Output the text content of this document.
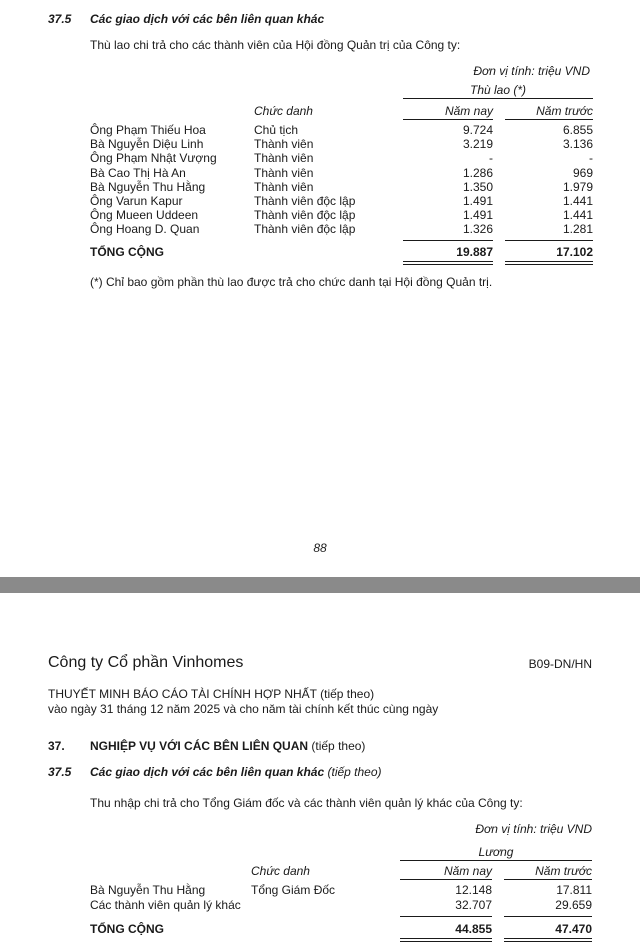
37.5 Các giao dịch với các bên liên quan khác
Thù lao chi trả cho các thành viên của Hội đồng Quản trị của Công ty:
Đơn vị tính: triệu VND
Thù lao (*)
Chức danh	Năm nay	Năm trước
Ông Phạm Thiếu Hoa	Chủ tịch	9.724	6.855
Bà Nguyễn Diệu Linh	Thành viên	3.219	3.136
Ông Phạm Nhật Vượng	Thành viên	-	-
Bà Cao Thị Hà An	Thành viên	1.286	969
Bà Nguyễn Thu Hằng	Thành viên	1.350	1.979
Ông Varun Kapur	Thành viên độc lập	1.491	1.441
Ông Mueen Uddeen	Thành viên độc lập	1.491	1.441
Ông Hoang D. Quan	Thành viên độc lập	1.326	1.281
TỔNG CỘNG	19.887	17.102
(*) Chỉ bao gồm phần thù lao được trả cho chức danh tại Hội đồng Quản trị.
88
Công ty Cổ phần Vinhomes	B09-DN/HN
THUYẾT MINH BÁO CÁO TÀI CHÍNH HỢP NHẤT (tiếp theo)
vào ngày 31 tháng 12 năm 2025 và cho năm tài chính kết thúc cùng ngày
37. NGHIỆP VỤ VỚI CÁC BÊN LIÊN QUAN (tiếp theo)
37.5 Các giao dịch với các bên liên quan khác (tiếp theo)
Thu nhập chi trả cho Tổng Giám đốc và các thành viên quản lý khác của Công ty:
Đơn vị tính: triệu VND
Lương
Chức danh	Năm nay	Năm trước
Bà Nguyễn Thu Hằng	Tổng Giám Đốc	12.148	17.811
Các thành viên quản lý khác	32.707	29.659
TỔNG CỘNG	44.855	47.470
